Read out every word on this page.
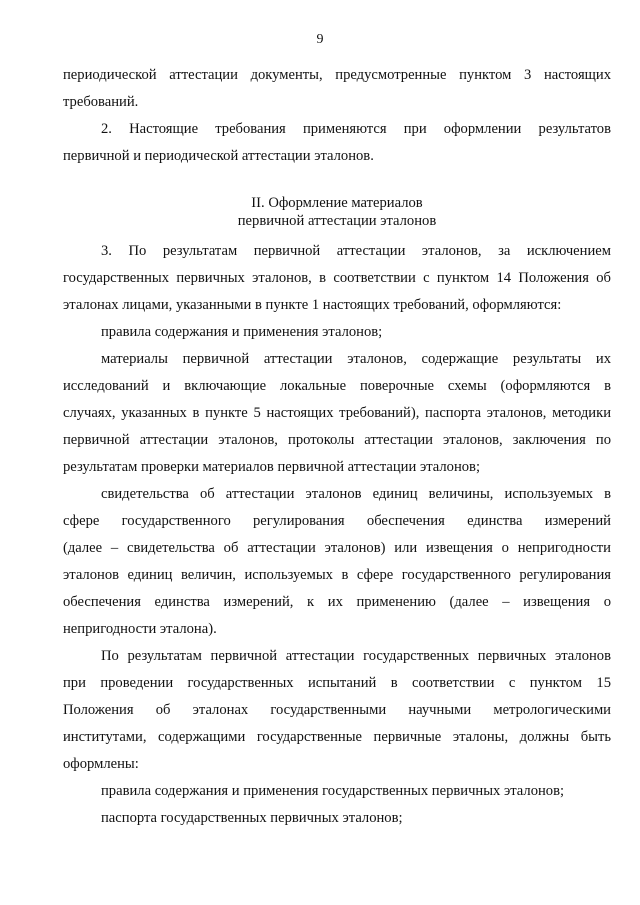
9
периодической аттестации документы, предусмотренные пунктом 3 настоящих
требований.
2. Настоящие требования применяются при оформлении результатов
первичной и периодической аттестации эталонов.
II. Оформление материалов
первичной аттестации эталонов
3. По результатам первичной аттестации эталонов, за исключением
государственных первичных эталонов, в соответствии с пунктом 14 Положения об
эталонах лицами, указанными в пункте 1 настоящих требований, оформляются:
правила содержания и применения эталонов;
материалы первичной аттестации эталонов, содержащие результаты их
исследований и включающие локальные поверочные схемы (оформляются в
случаях, указанных в пункте 5 настоящих требований), паспорта эталонов, методики
первичной аттестации эталонов, протоколы аттестации эталонов, заключения по
результатам проверки материалов первичной аттестации эталонов;
свидетельства об аттестации эталонов единиц величины, используемых в
сфере государственного регулирования обеспечения единства измерений
(далее – свидетельства об аттестации эталонов) или извещения о непригодности
эталонов единиц величин, используемых в сфере государственного регулирования
обеспечения единства измерений, к их применению (далее – извещения о
непригодности эталона).
По результатам первичной аттестации государственных первичных эталонов
при проведении государственных испытаний в соответствии с пунктом 15
Положения об эталонах государственными научными метрологическими
институтами, содержащими государственные первичные эталоны, должны быть
оформлены:
правила содержания и применения государственных первичных эталонов;
паспорта государственных первичных эталонов;
